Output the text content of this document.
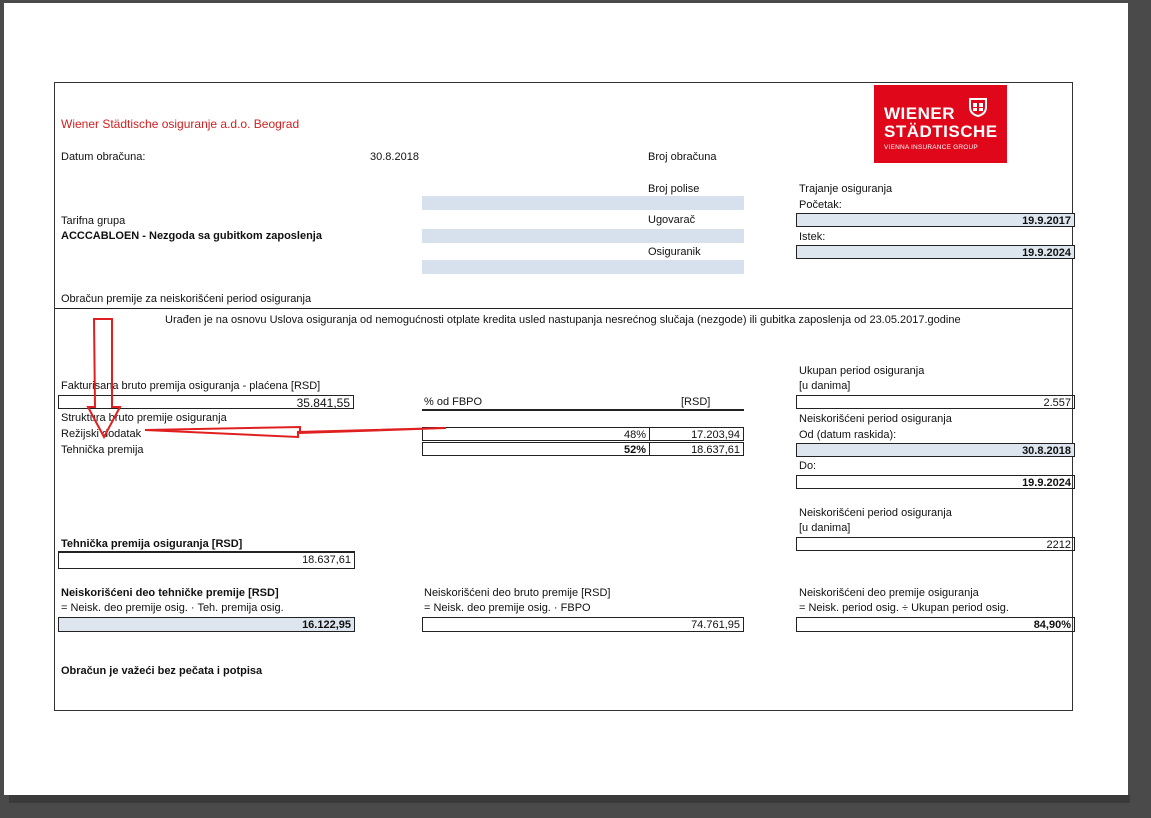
Wiener Städtische osiguranje a.d.o. Beograd
WIENER
STÄDTISCHE
VIENNA INSURANCE GROUP
Datum obračuna:	30.8.2018	Broj obračuna
Broj polise
Tarifna grupa
ACCCABLOEN - Nezgoda sa gubitkom zaposlenja
Ugovarač
Osiguranik
Trajanje osiguranja
Početak:
19.9.2017
Istek:
19.9.2024
Obračun premije za neiskorišćeni period osiguranja
Urađen je na osnovu Uslova osiguranja od nemogućnosti otplate kredita usled nastupanja nesrećnog slučaja (nezgode) ili gubitka zaposlenja od 23.05.2017.godine
Fakturisana bruto premija osiguranja - plaćena [RSD]
35.841,55
Struktura bruto premije osiguranja
% od FBPO	[RSD]
Režijski dodatak	48%	17.203,94
Tehnička premija	52%	18.637,61
Ukupan period osiguranja
[u danima]
2.557
Neiskorišćeni period osiguranja
Od (datum raskida):
30.8.2018
Do:
19.9.2024
Neiskorišćeni period osiguranja
[u danima]
2212
Tehnička premija osiguranja [RSD]
18.637,61
Neiskorišćeni deo tehničke premije [RSD]
= Neisk. deo premije osig. · Teh. premija osig.
16.122,95
Neiskorišćeni deo bruto premije [RSD]
= Neisk. deo premije osig. · FBPO
74.761,95
Neiskorišćeni deo premije osiguranja
= Neisk. period osig. ÷ Ukupan period osig.
84,90%
Obračun je važeći bez pečata i potpisa
